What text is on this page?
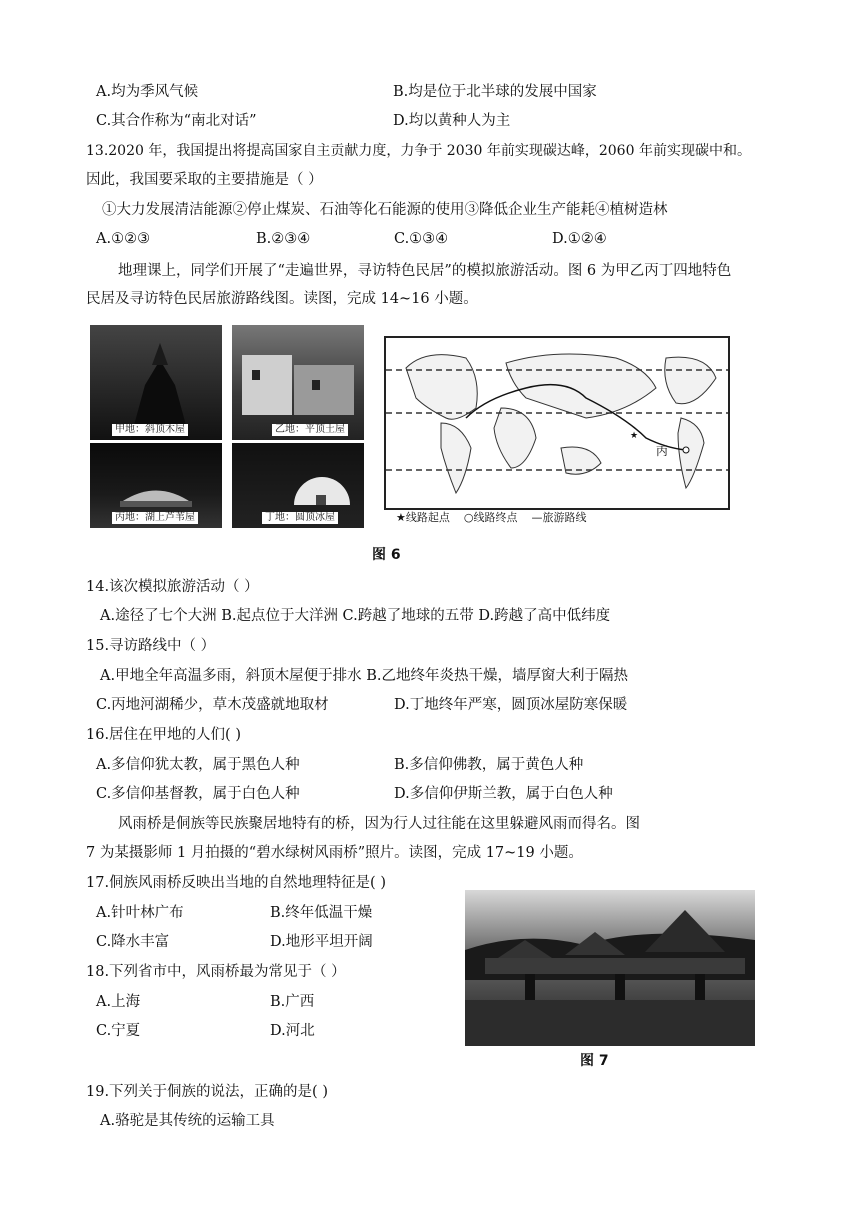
A.均为季风气候	B.均是位于北半球的发展中国家
C.其合作称为“南北对话”	D.均以黄种人为主
13.2020 年，我国提出将提高国家自主贡献力度，力争于 2030 年前实现碳达峰，2060 年前实现碳中和。
因此，我国要采取的主要措施是（ ）
①大力发展清洁能源②停止煤炭、石油等化石能源的使用③降低企业生产能耗④植树造林
A.①②③	B.②③④	C.①③④	D.①②④
地理课上，同学们开展了“走遍世界，寻访特色民居”的模拟旅游活动。图 6 为甲乙丙丁四地特色
民居及寻访特色民居旅游路线图。读图，完成 14~16 小题。
甲地：斜顶木屋	乙地：平顶土屋
丙地：湖上芦苇屋	丁地：圆顶冰屋
★
丙
★线路起点 ○线路终点 —旅游路线
图 6
14.该次模拟旅游活动（ ）
A.途径了七个大洲 B.起点位于大洋洲 C.跨越了地球的五带 D.跨越了高中低纬度
15.寻访路线中（ ）
A.甲地全年高温多雨，斜顶木屋便于排水 B.乙地终年炎热干燥，墙厚窗大利于隔热
C.丙地河湖稀少，草木茂盛就地取材	D.丁地终年严寒，圆顶冰屋防寒保暖
16.居住在甲地的人们( )
A.多信仰犹太教，属于黑色人种	B.多信仰佛教，属于黄色人种
C.多信仰基督教，属于白色人种	D.多信仰伊斯兰教，属于白色人种
风雨桥是侗族等民族聚居地特有的桥，因为行人过往能在这里躲避风雨而得名。图
7 为某摄影师 1 月拍摄的“碧水绿树风雨桥”照片。读图，完成 17~19 小题。
17.侗族风雨桥反映出当地的自然地理特征是( )
A.针叶林广布	B.终年低温干燥
C.降水丰富	D.地形平坦开阔
18.下列省市中，风雨桥最为常见于（ ）
A.上海	B.广西
C.宁夏	D.河北
图 7
19.下列关于侗族的说法，正确的是( )
A.骆驼是其传统的运输工具
